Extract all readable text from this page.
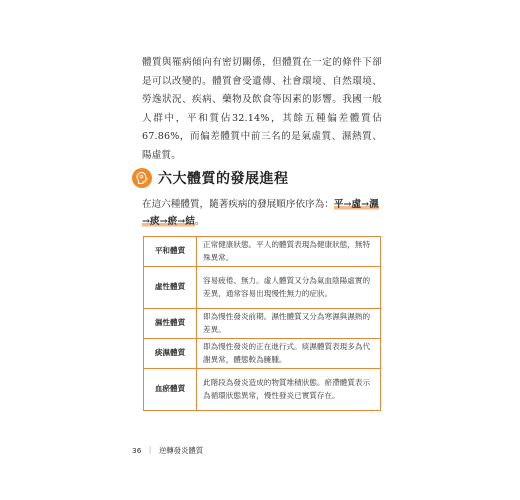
體質與罹病傾向有密切關係，但體質在一定的條件下卻是可以改變的。體質會受遺傳、社會環境、自然環境、勞逸狀況、疾病、藥物及飲食等因素的影響。我國一般人群中，平和質佔32.14%，其餘五種偏差體質佔67.86%，而偏差體質中前三名的是氣虛質、濕熱質、陽虛質。

六大體質的發展進程

在這六種體質，隨著疾病的發展順序依序為：平→虛→濕→痰→瘀→結。

平和體質	正常健康狀態。平人的體質表現為健康狀態，無特殊異常。
虛性體質	容易疲倦、無力。虛人體質又分為氣血陰陽虛實的差異，通常容易出現慢性無力的症狀。
濕性體質	即為慢性發炎前期。濕性體質又分為寒濕與濕熱的差異。
痰濕體質	即為慢性發炎的正在進行式。痰濕體質表現多為代謝異常，體態較為臃腫。
血瘀體質	此階段為發炎造成的物質堆積狀態。瘀滯體質表示為循環狀態異常，慢性發炎已實質存在。
36 ｜ 逆轉發炎體質
